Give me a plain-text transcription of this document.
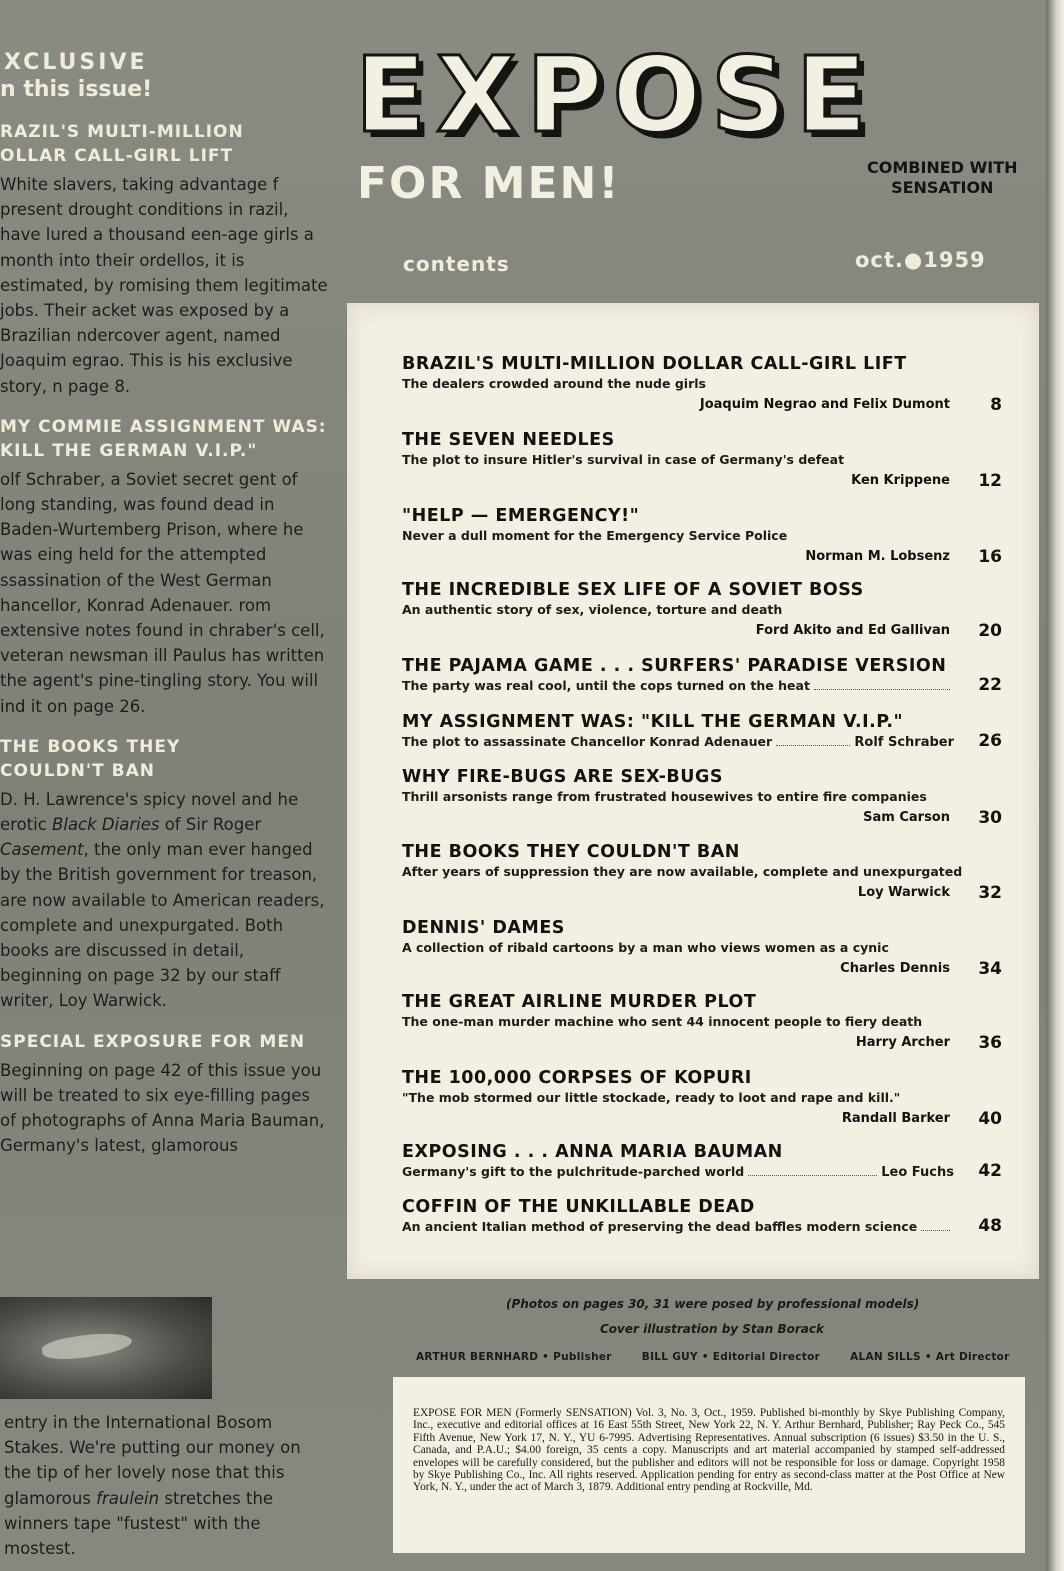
XCLUSIVE
n this issue!
RAZIL'S MULTI-MILLION
OLLAR CALL-GIRL LIFT
White slavers, taking advantage f present drought conditions in razil, have lured a thousand een-age girls a month into their ordellos, it is estimated, by romising them legitimate jobs. Their acket was exposed by a Brazilian ndercover agent, named Joaquim egrao. This is his exclusive story, n page 8.
MY COMMIE ASSIGNMENT WAS:
KILL THE GERMAN V.I.P."
olf Schraber, a Soviet secret gent of long standing, was found dead in Baden-Wurtemberg Prison, where he was eing held for the attempted ssassination of the West German hancellor, Konrad Adenauer. rom extensive notes found in chraber's cell, veteran newsman ill Paulus has written the agent's pine-tingling story. You will ind it on page 26.
THE BOOKS THEY
COULDN'T BAN
D. H. Lawrence's spicy novel and he erotic Black Diaries of Sir Roger Casement, the only man ever hanged by the British government for treason, are now available to American readers, complete and unexpurgated. Both books are discussed in detail, beginning on page 32 by our staff writer, Loy Warwick.
SPECIAL EXPOSURE FOR MEN
Beginning on page 42 of this issue you will be treated to six eye-filling pages of photographs of Anna Maria Bauman, Germany's latest, glamorous
entry in the International Bosom Stakes. We're putting our money on the tip of her lovely nose that this glamorous fraulein stretches the winners tape "fustest" with the mostest.
EXPOSE
FOR MEN!	COMBINED WITH
SENSATION
contents	oct.●1959
BRAZIL'S MULTI-MILLION DOLLAR CALL-GIRL LIFT
The dealers crowded around the nude girls
Joaquim Negrao and Felix Dumont	8
THE SEVEN NEEDLES
The plot to insure Hitler's survival in case of Germany's defeat
Ken Krippene	12
"HELP — EMERGENCY!"
Never a dull moment for the Emergency Service Police
Norman M. Lobsenz	16
THE INCREDIBLE SEX LIFE OF A SOVIET BOSS
An authentic story of sex, violence, torture and death
Ford Akito and Ed Gallivan	20
THE PAJAMA GAME . . . SURFERS' PARADISE VERSION
The party was real cool, until the cops turned on the heat	22
MY ASSIGNMENT WAS: "KILL THE GERMAN V.I.P."
The plot to assassinate Chancellor Konrad Adenauer	Rolf Schraber	26
WHY FIRE-BUGS ARE SEX-BUGS
Thrill arsonists range from frustrated housewives to entire fire companies
Sam Carson	30
THE BOOKS THEY COULDN'T BAN
After years of suppression they are now available, complete and unexpurgated
Loy Warwick	32
DENNIS' DAMES
A collection of ribald cartoons by a man who views women as a cynic
Charles Dennis	34
THE GREAT AIRLINE MURDER PLOT
The one-man murder machine who sent 44 innocent people to fiery death
Harry Archer	36
THE 100,000 CORPSES OF KOPURI
"The mob stormed our little stockade, ready to loot and rape and kill."
Randall Barker	40
EXPOSING . . . ANNA MARIA BAUMAN
Germany's gift to the pulchritude-parched world	Leo Fuchs	42
COFFIN OF THE UNKILLABLE DEAD
An ancient Italian method of preserving the dead baffles modern science	48
(Photos on pages 30, 31 were posed by professional models)
Cover illustration by Stan Borack
ARTHUR BERNHARD • Publisher	BILL GUY • Editorial Director	ALAN SILLS • Art Director
EXPOSE FOR MEN (Formerly SENSATION) Vol. 3, No. 3, Oct., 1959. Published bi-monthly by Skye Publishing Company, Inc., executive and editorial offices at 16 East 55th Street, New York 22, N. Y. Arthur Bernhard, Publisher; Ray Peck Co., 545 Fifth Avenue, New York 17, N. Y., YU 6-7995. Advertising Representatives. Annual subscription (6 issues) $3.50 in the U. S., Canada, and P.A.U.; $4.00 foreign, 35 cents a copy. Manuscripts and art material accompanied by stamped self-addressed envelopes will be carefully considered, but the publisher and editors will not be responsible for loss or damage. Copyright 1958 by Skye Publishing Co., Inc. All rights reserved. Application pending for entry as second-class matter at the Post Office at New York, N. Y., under the act of March 3, 1879. Additional entry pending at Rockville, Md.
